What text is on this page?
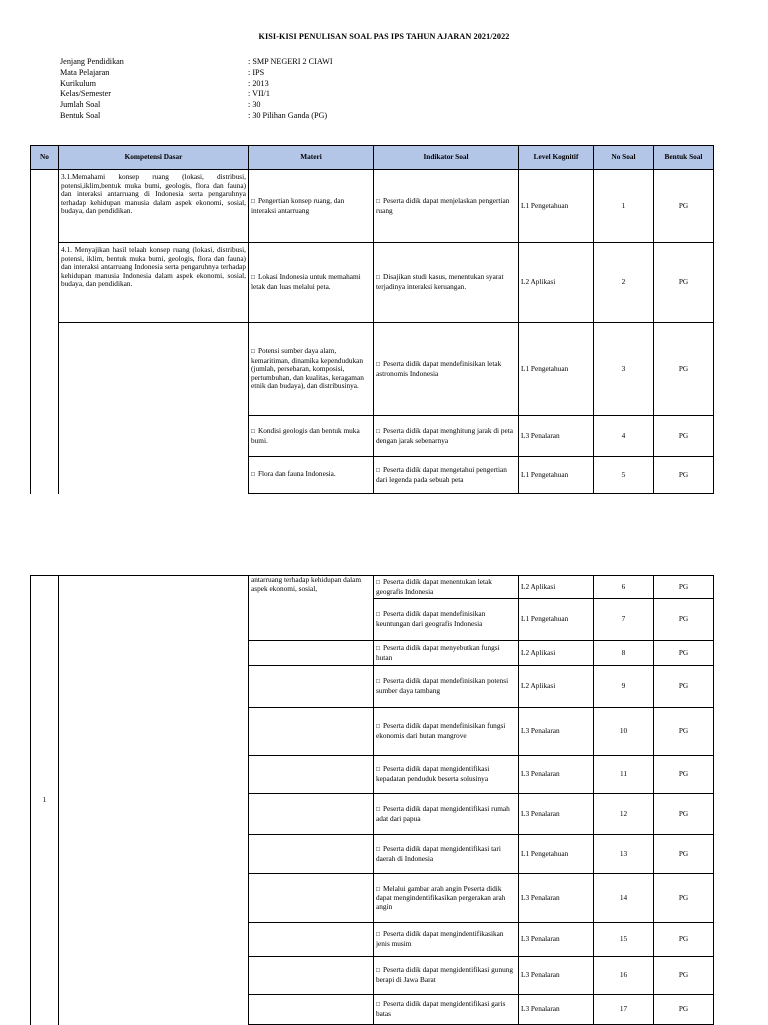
KISI-KISI PENULISAN SOAL PAS IPS TAHUN AJARAN 2021/2022
Jenjang Pendidikan	: SMP NEGERI 2 CIAWI
Mata Pelajaran	: IPS
Kurikulum	: 2013
Kelas/Semester	: VII/1
Jumlah Soal	: 30
Bentuk Soal	: 30 Pilihan Ganda (PG)
No	Kompetensi Dasar	Materi	Indikator Soal	Level Kognitif	No Soal	Bentuk Soal
	3.1.Memahami konsep ruang (lokasi, distribusi, potensi,iklim,bentuk muka bumi, geologis, flora dan fauna) dan interaksi antarruang di Indonesia serta pengaruhnya terhadap kehidupan manusia dalam aspek ekonomi, sosial, budaya, dan pendidikan.	□ Pengertian konsep ruang, dan interaksi antarruang	□ Peserta didik dapat menjelaskan pengertian ruang	L1 Pengetahuan	1	PG
	4.1. Menyajikan hasil telaah konsep ruang (lokasi, distribusi, potensi, iklim, bentuk muka bumi, geologis, flora dan fauna) dan interaksi antarruang Indonesia serta pengaruhnya terhadap kehidupan manusia Indonesia dalam aspek ekonomi, sosial, budaya, dan pendidikan.	□ Lokasi Indonesia untuk memahami letak dan luas melalui peta.	□ Disajikan studi kasus, menentukan syarat terjadinya interaksi keruangan.	L2 Aplikasi	2	PG
		□ Potensi sumber daya alam, kemaritiman, dinamika kependudukan (jumlah, persebaran, komposisi, pertumbuhan, dan kualitas, keragaman etnik dan budaya), dan distribusinya.	□ Peserta didik dapat mendefinisikan letak astronomis Indonesia	L1 Pengetahuan	3	PG
		□ Kondisi geologis dan bentuk muka bumi.	□ Peserta didik dapat menghitung jarak di peta dengan jarak sebenarnya	L3 Penalaran	4	PG
		□ Flora dan fauna Indonesia.	□ Peserta didik dapat mengetahui pengertian dari legenda pada sebuah peta	L1 Pengetahuan	5	PG
1		antarruang terhadap kehidupan dalam aspek ekonomi, sosial,	□ Peserta didik dapat menentukan letak geografis Indonesia	L2 Aplikasi	6	PG
			□ Peserta didik dapat mendefinisikan keuntungan dari geografis Indonesia	L1 Pengetahuan	7	PG
			□ Peserta didik dapat menyebutkan fungsi hutan	L2 Aplikasi	8	PG
			□ Peserta didik dapat mendefinisikan potensi sumber daya tambang	L2 Aplikasi	9	PG
			□ Peserta didik dapat mendefinisikan fungsi ekonomis dari hutan mangrove	L3 Penalaran	10	PG
			□ Peserta didik dapat mengidentifikasi kepadatan penduduk beserta solusinya	L3 Penalaran	11	PG
			□ Peserta didik dapat mengidentifikasi rumah adat dari papua	L3 Penalaran	12	PG
			□ Peserta didik dapat mengidentifikasi tari daerah di Indonesia	L1 Pengetahuan	13	PG
			□ Melalui gambar arah angin Peserta didik dapat mengindentifikasikan pergerakan arah angin	L3 Penalaran	14	PG
			□ Peserta didik dapat mengindentifikasikan jenis musim	L3 Penalaran	15	PG
			□ Peserta didik dapat mengidentifikasi gunung berapi di Jawa Barat	L3 Penalaran	16	PG
			□ Peserta didik dapat mengidentifikasi garis batas	L3 Penalaran	17	PG
